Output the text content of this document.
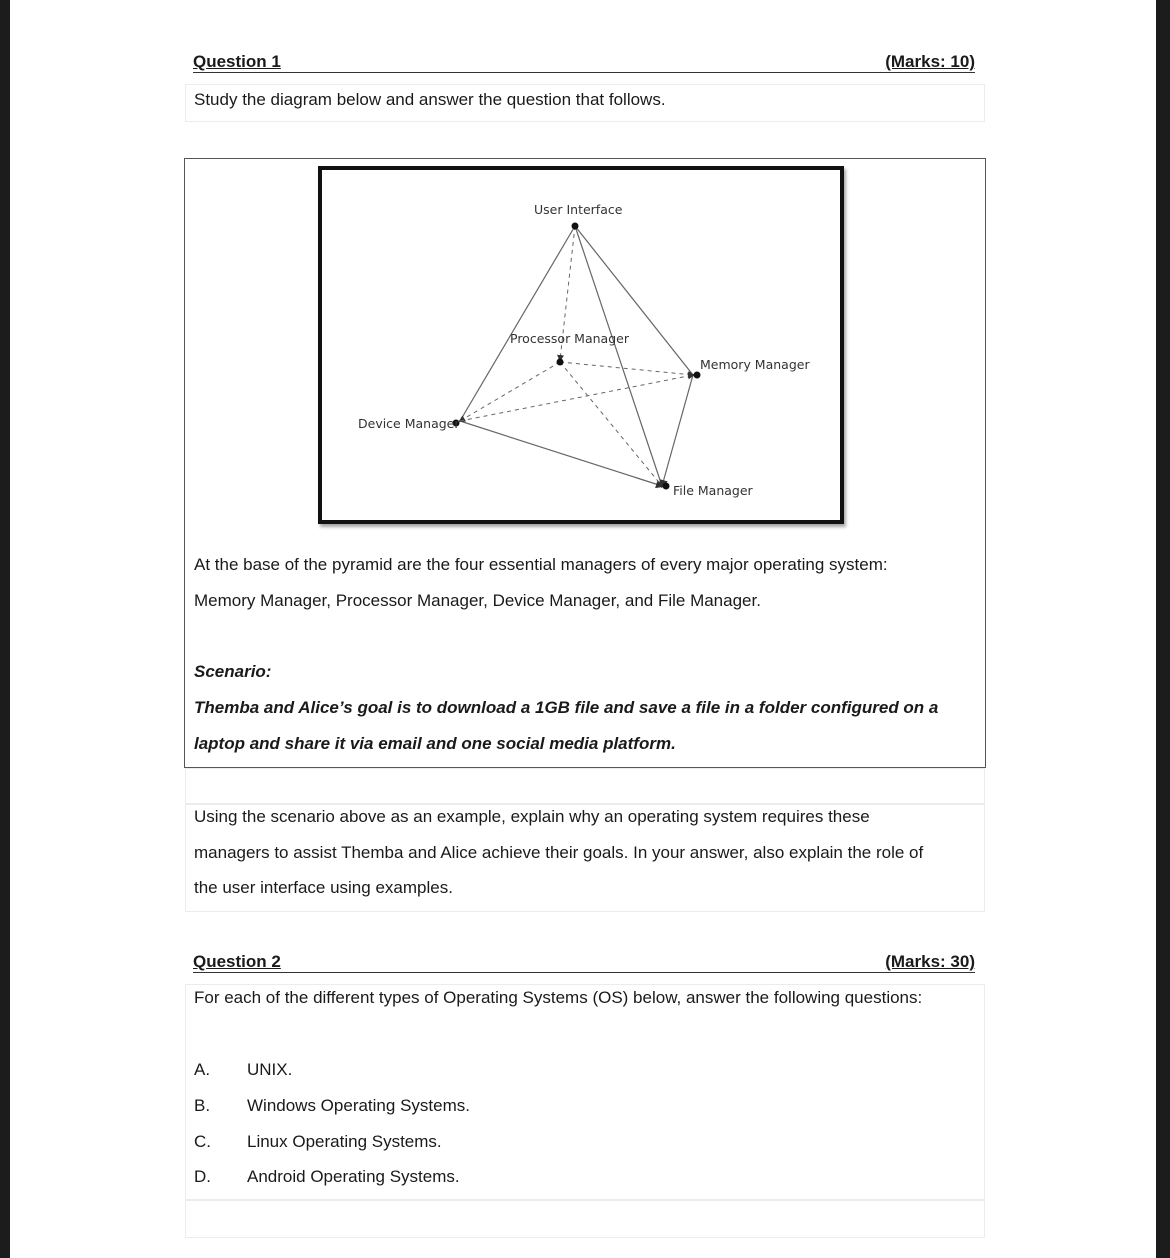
Question 1	(Marks: 10)
Study the diagram below and answer the question that follows.
User Interface
Processor Manager
Memory Manager
Device Manager
File Manager
At the base of the pyramid are the four essential managers of every major operating system:
Memory Manager, Processor Manager, Device Manager, and File Manager.
Scenario:
Themba and Alice’s goal is to download a 1GB file and save a file in a folder configured on a
laptop and share it via email and one social media platform.
Using the scenario above as an example, explain why an operating system requires these
managers to assist Themba and Alice achieve their goals. In your answer, also explain the role of
the user interface using examples.
Question 2	(Marks: 30)
For each of the different types of Operating Systems (OS) below, answer the following questions:
A. UNIX.
B. Windows Operating Systems.
C. Linux Operating Systems.
D. Android Operating Systems.
